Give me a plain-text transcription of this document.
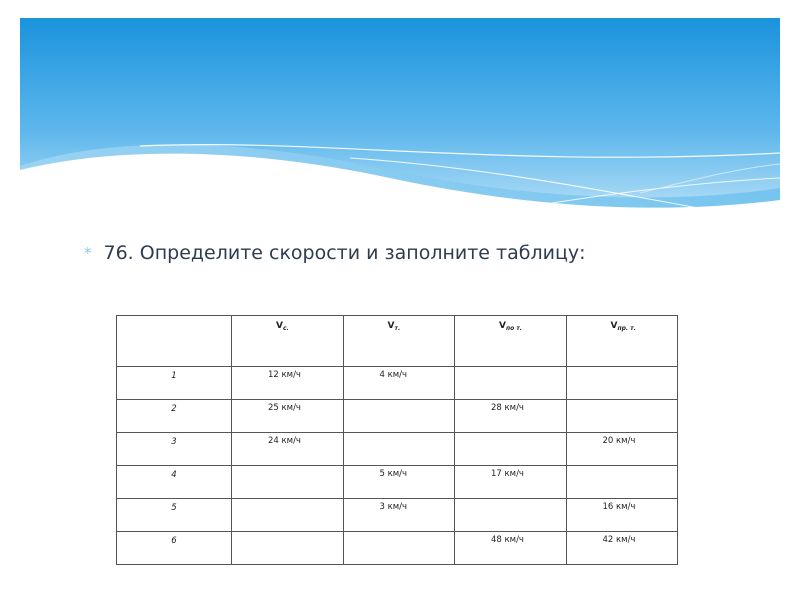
* 76. Определите скорости и заполните таблицу:

	$V_{с.}$	$V_{т.}$	$V_{по т.}$	$V_{пр. т.}$

1	12 км/ч	4 км/ч		

2	25 км/ч		28 км/ч	

3	24 км/ч			20 км/ч

4		5 км/ч	17 км/ч	

5		3 км/ч		16 км/ч

6			48 км/ч	42 км/ч
